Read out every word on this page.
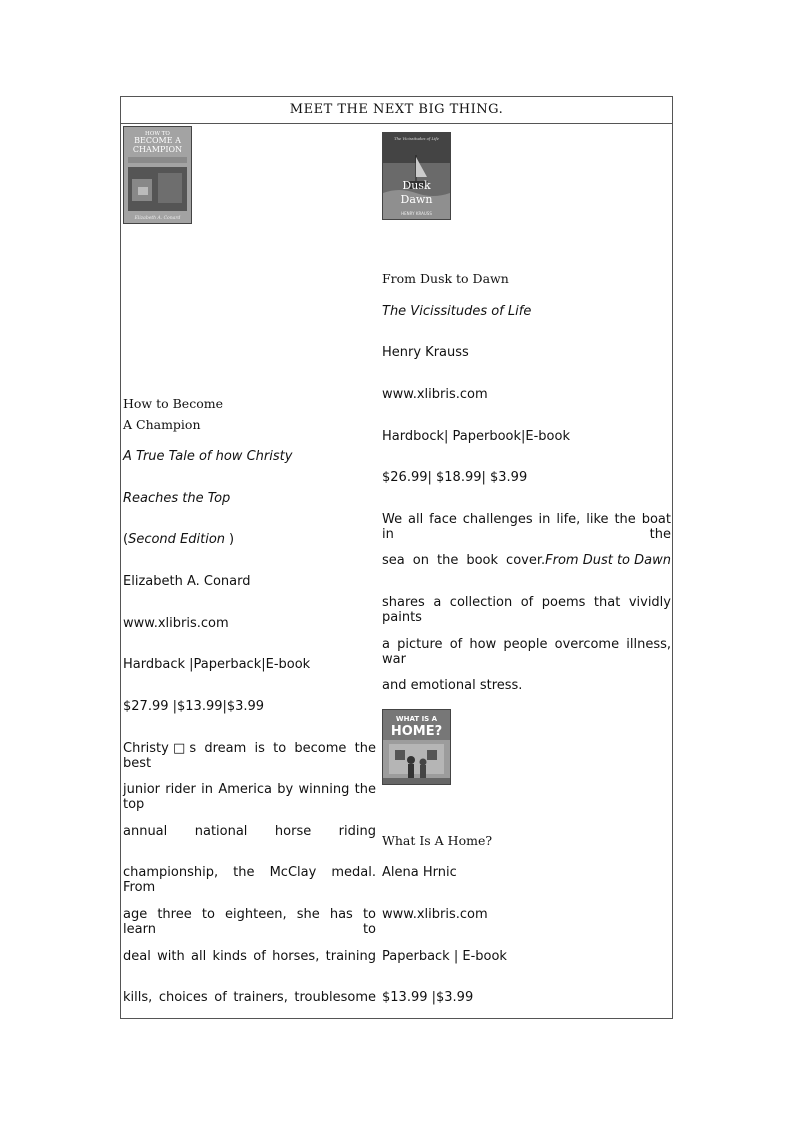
MEET THE NEXT BIG THING.
HOW TO
BECOME A
CHAMPION
Elizabeth A. Conard
The Vicissitudes of Life
Dusk
Dawn
HENRY KRAUSS
WHAT IS A
HOME?
How to Become
A Champion
A True Tale of how Christy
Reaches the Top
(Second Edition )
Elizabeth A. Conard
www.xlibris.com
Hardback |Paperback|E-book
$27.99 |$13.99|$3.99
Christy□s dream is to become the best
junior rider in America by winning the top
annual national horse riding
championship, the McClay medal. From
age three to eighteen, she has to learn to
deal with all kinds of horses, training
kills, choices of trainers, troublesome
From Dusk to Dawn
The Vicissitudes of Life
Henry Krauss
www.xlibris.com
Hardbock| Paperbook|E-book
$26.99| $18.99| $3.99
We all face challenges in life, like the boat in the
sea on the book cover. From Dust to Dawn
shares a collection of poems that vividly paints
a picture of how people overcome illness, war
and emotional stress.
What Is A Home?
Alena Hrnic
www.xlibris.com
Paperback | E-book
$13.99 |$3.99
